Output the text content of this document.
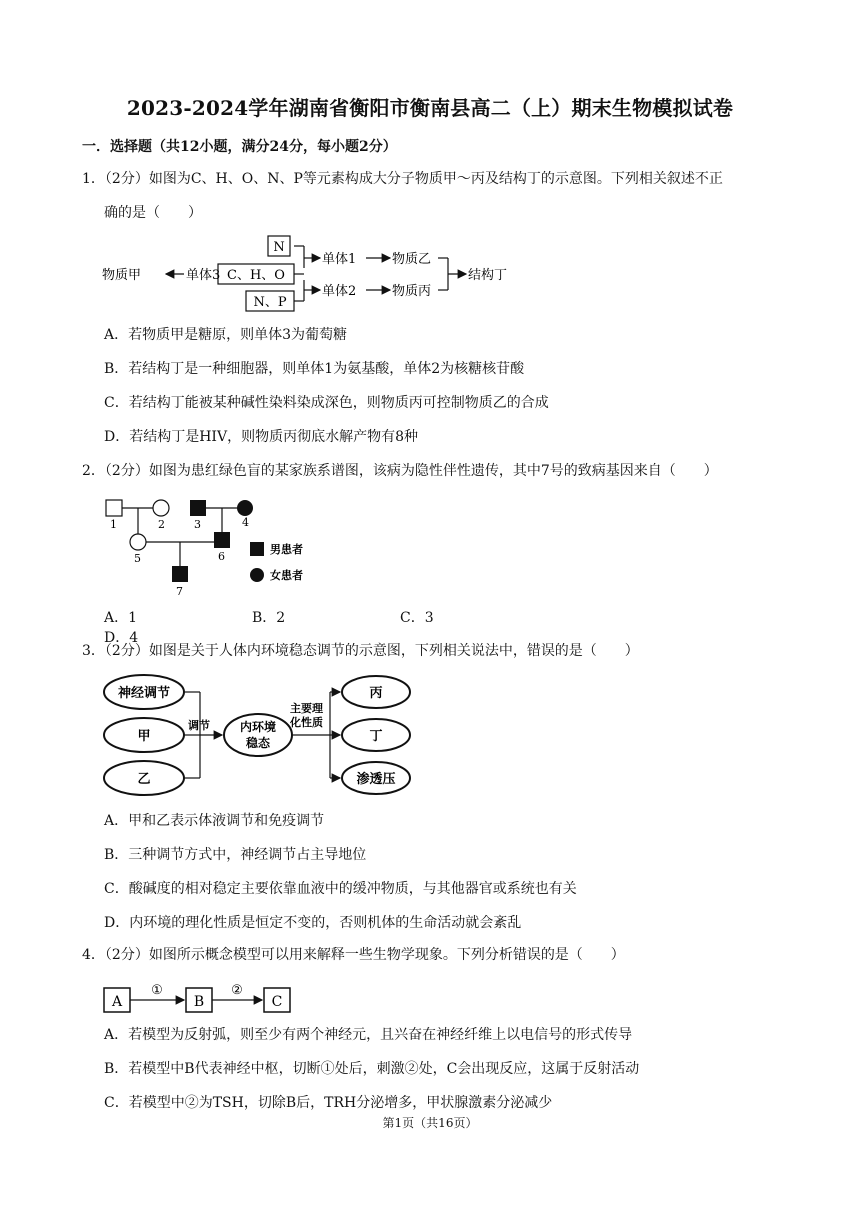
2023-2024学年湖南省衡阳市衡南县高二（上）期末生物模拟试卷
一．选择题（共12小题，满分24分，每小题2分）
1．（2分）如图为C、H、O、N、P等元素构成大分子物质甲～丙及结构丁的示意图。下列相关叙述不正
确的是（　　）
N
C、H、O
N、P
物质甲	单体3
单体1
单体2
物质乙
物质丙
结构丁
A．若物质甲是糖原，则单体3为葡萄糖
B．若结构丁是一种细胞器，则单体1为氨基酸，单体2为核糖核苷酸
C．若结构丁能被某种碱性染料染成深色，则物质丙可控制物质乙的合成
D．若结构丁是HIV，则物质丙彻底水解产物有8种
2．（2分）如图为患红绿色盲的某家族系谱图，该病为隐性伴性遗传，其中7号的致病基因来自（　　）
1	2	3	4
5	6
7
男患者
女患者
A．1	B．2	C．3D．4
3．（2分）如图是关于人体内环境稳态调节的示意图，下列相关说法中，错误的是（　　）
神经调节
甲
乙
调节 内环境
稳态
主要理
化性质
丙
丁
渗透压
A．甲和乙表示体液调节和免疫调节
B．三种调节方式中，神经调节占主导地位
C．酸碱度的相对稳定主要依靠血液中的缓冲物质，与其他器官或系统也有关
D．内环境的理化性质是恒定不变的，否则机体的生命活动就会紊乱
4．（2分）如图所示概念模型可以用来解释一些生物学现象。下列分析错误的是（　　）
A	B	C
①	②
A．若模型为反射弧，则至少有两个神经元，且兴奋在神经纤维上以电信号的形式传导
B．若模型中B代表神经中枢，切断①处后，刺激②处，C会出现反应，这属于反射活动
C．若模型中②为TSH，切除B后，TRH分泌增多，甲状腺激素分泌减少
第1页（共16页）
